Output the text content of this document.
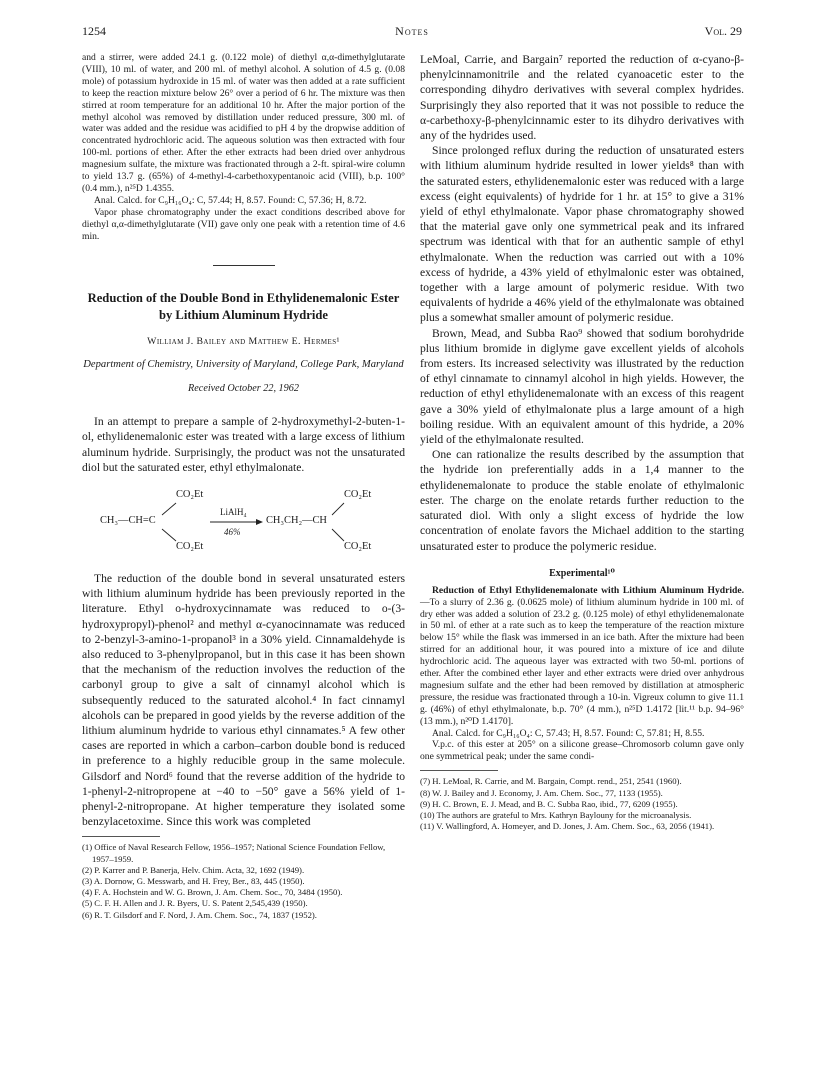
1254	Notes	Vol. 29

and a stirrer, were added 24.1 g. (0.122 mole) of diethyl α,α-dimethylglutarate (VIII), 10 ml. of water, and 200 ml. of methyl alcohol. A solution of 4.5 g. (0.08 mole) of potassium hydroxide in 15 ml. of water was then added at a rate sufficient to keep the reaction mixture below 26° over a period of 6 hr. The mixture was then stirred at room temperature for an additional 10 hr. After the major portion of the methyl alcohol was removed by distillation under reduced pressure, 300 ml. of water was added and the residue was acidified to pH 4 by the dropwise addition of concentrated hydrochloric acid. The aqueous solution was then extracted with four 100-ml. portions of ether. After the ether extracts had been dried over anhydrous magnesium sulfate, the mixture was fractionated through a 2-ft. spiral-wire column to yield 13.7 g. (65%) of 4-methyl-4-carbethoxypentanoic acid (VIII), b.p. 100° (0.4 mm.), n²⁵D 1.4355.

Anal. Calcd. for C₉H₁₆O₄: C, 57.44; H, 8.57. Found: C, 57.36; H, 8.72.

Vapor phase chromatography under the exact conditions described above for diethyl α,α-dimethylglutarate (VII) gave only one peak with a retention time of 4.6 min.

Reduction of the Double Bond in Ethylidenemalonic Ester by Lithium Aluminum Hydride
William J. Bailey and Matthew E. Hermes¹
Department of Chemistry, University of Maryland, College Park, Maryland
Received October 22, 1962

In an attempt to prepare a sample of 2-hydroxymethyl-2-buten-1-ol, ethylidenemalonic ester was treated with a large excess of lithium aluminum hydride. Surprisingly, the product was not the unsaturated diol but the saturated ester, ethyl ethylmalonate.

CO₂Et
CH₃—CH=C
CO₂Et
LiAlH₄
46%
CH₃CH₂—CH
CO₂Et
CO₂Et

The reduction of the double bond in several unsaturated esters with lithium aluminum hydride has been previously reported in the literature. Ethyl o-hydroxycinnamate was reduced to o-(3-hydroxypropyl)-phenol² and methyl α-cyanocinnamate was reduced to 2-benzyl-3-amino-1-propanol³ in a 30% yield. Cinnamaldehyde is also reduced to 3-phenylpropanol, but in this case it has been shown that the mechanism of the reduction involves the reduction of the carbonyl group to give a salt of cinnamyl alcohol which is subsequently reduced to the saturated alcohol.⁴ In fact cinnamyl alcohols can be prepared in good yields by the reverse addition of the lithium aluminum hydride to various ethyl cinnamates.⁵ A few other cases are reported in which a carbon–carbon double bond is reduced in preference to a highly reducible group in the same molecule. Gilsdorf and Nord⁶ found that the reverse addition of the hydride to 1-phenyl-2-nitropropene at −40 to −50° gave a 56% yield of 1-phenyl-2-nitropropane. At higher temperature they isolated some benzylacetoxime. Since this work was completed

(1) Office of Naval Research Fellow, 1956–1957; National Science Foundation Fellow, 1957–1959.
(2) P. Karrer and P. Banerja, Helv. Chim. Acta, 32, 1692 (1949).
(3) A. Dornow, G. Messwarb, and H. Frey, Ber., 83, 445 (1950).
(4) F. A. Hochstein and W. G. Brown, J. Am. Chem. Soc., 70, 3484 (1950).
(5) C. F. H. Allen and J. R. Byers, U. S. Patent 2,545,439 (1950).
(6) R. T. Gilsdorf and F. Nord, J. Am. Chem. Soc., 74, 1837 (1952).

LeMoal, Carrie, and Bargain⁷ reported the reduction of α-cyano-β-phenylcinnamonitrile and the related cyanoacetic ester to the corresponding dihydro derivatives with several complex hydrides. Surprisingly they also reported that it was not possible to reduce the α-carbethoxy-β-phenylcinnamic ester to its dihydro derivatives with any of the hydrides used.

Since prolonged reflux during the reduction of unsaturated esters with lithium aluminum hydride resulted in lower yields⁸ than with the saturated esters, ethylidenemalonic ester was reduced with a large excess (eight equivalents) of hydride for 1 hr. at 15° to give a 31% yield of ethyl ethylmalonate. Vapor phase chromatography showed that the material gave only one symmetrical peak and its infrared spectrum was identical with that for an authentic sample of ethyl ethylmalonate. When the reduction was carried out with a 10% excess of hydride, a 43% yield of ethylmalonic ester was obtained, together with a large amount of polymeric residue. With two equivalents of hydride a 46% yield of the ethylmalonate was obtained plus a somewhat smaller amount of polymeric residue.

Brown, Mead, and Subba Rao⁹ showed that sodium borohydride plus lithium bromide in diglyme gave excellent yields of alcohols from esters. Its increased selectivity was illustrated by the reduction of ethyl cinnamate to cinnamyl alcohol in high yields. However, the reduction of ethyl ethylidenemalonate with an excess of this reagent gave a 30% yield of ethylmalonate plus a large amount of a high boiling residue. With an equivalent amount of this hydride, a 20% yield of the ethylmalonate resulted.

One can rationalize the results described by the assumption that the hydride ion preferentially adds in a 1,4 manner to the ethylidenemalonate to produce the stable enolate of ethylmalonic ester. The charge on the enolate retards further reduction to the saturated diol. With only a slight excess of hydride the low concentration of enolate favors the Michael addition to the starting unsaturated ester to produce the polymeric residue.

Experimental¹⁰

Reduction of Ethyl Ethylidenemalonate with Lithium Aluminum Hydride.—To a slurry of 2.36 g. (0.0625 mole) of lithium aluminum hydride in 100 ml. of dry ether was added a solution of 23.2 g. (0.125 mole) of ethyl ethylidenemalonate in 50 ml. of ether at a rate such as to keep the temperature of the reaction mixture below 15° while the flask was immersed in an ice bath. After the mixture had been stirred for an additional hour, it was poured into a mixture of ice and dilute hydrochloric acid. The aqueous layer was extracted with two 50-ml. portions of ether. After the combined ether layer and ether extracts were dried over anhydrous magnesium sulfate and the ether had been removed by distillation at atmospheric pressure, the residue was fractionated through a 10-in. Vigreux column to give 11.1 g. (46%) of ethyl ethylmalonate, b.p. 70° (4 mm.), n²⁵D 1.4172 [lit.¹¹ b.p. 94–96° (13 mm.), n²⁰D 1.4170].

Anal. Calcd. for C₉H₁₆O₄: C, 57.43; H, 8.57. Found: C, 57.81; H, 8.55.

V.p.c. of this ester at 205° on a silicone grease–Chromosorb column gave only one symmetrical peak; under the same condi-

(7) H. LeMoal, R. Carrie, and M. Bargain, Compt. rend., 251, 2541 (1960).
(8) W. J. Bailey and J. Economy, J. Am. Chem. Soc., 77, 1133 (1955).
(9) H. C. Brown, E. J. Mead, and B. C. Subba Rao, ibid., 77, 6209 (1955).
(10) The authors are grateful to Mrs. Kathryn Baylouny for the microanalysis.
(11) V. Wallingford, A. Homeyer, and D. Jones, J. Am. Chem. Soc., 63, 2056 (1941).
